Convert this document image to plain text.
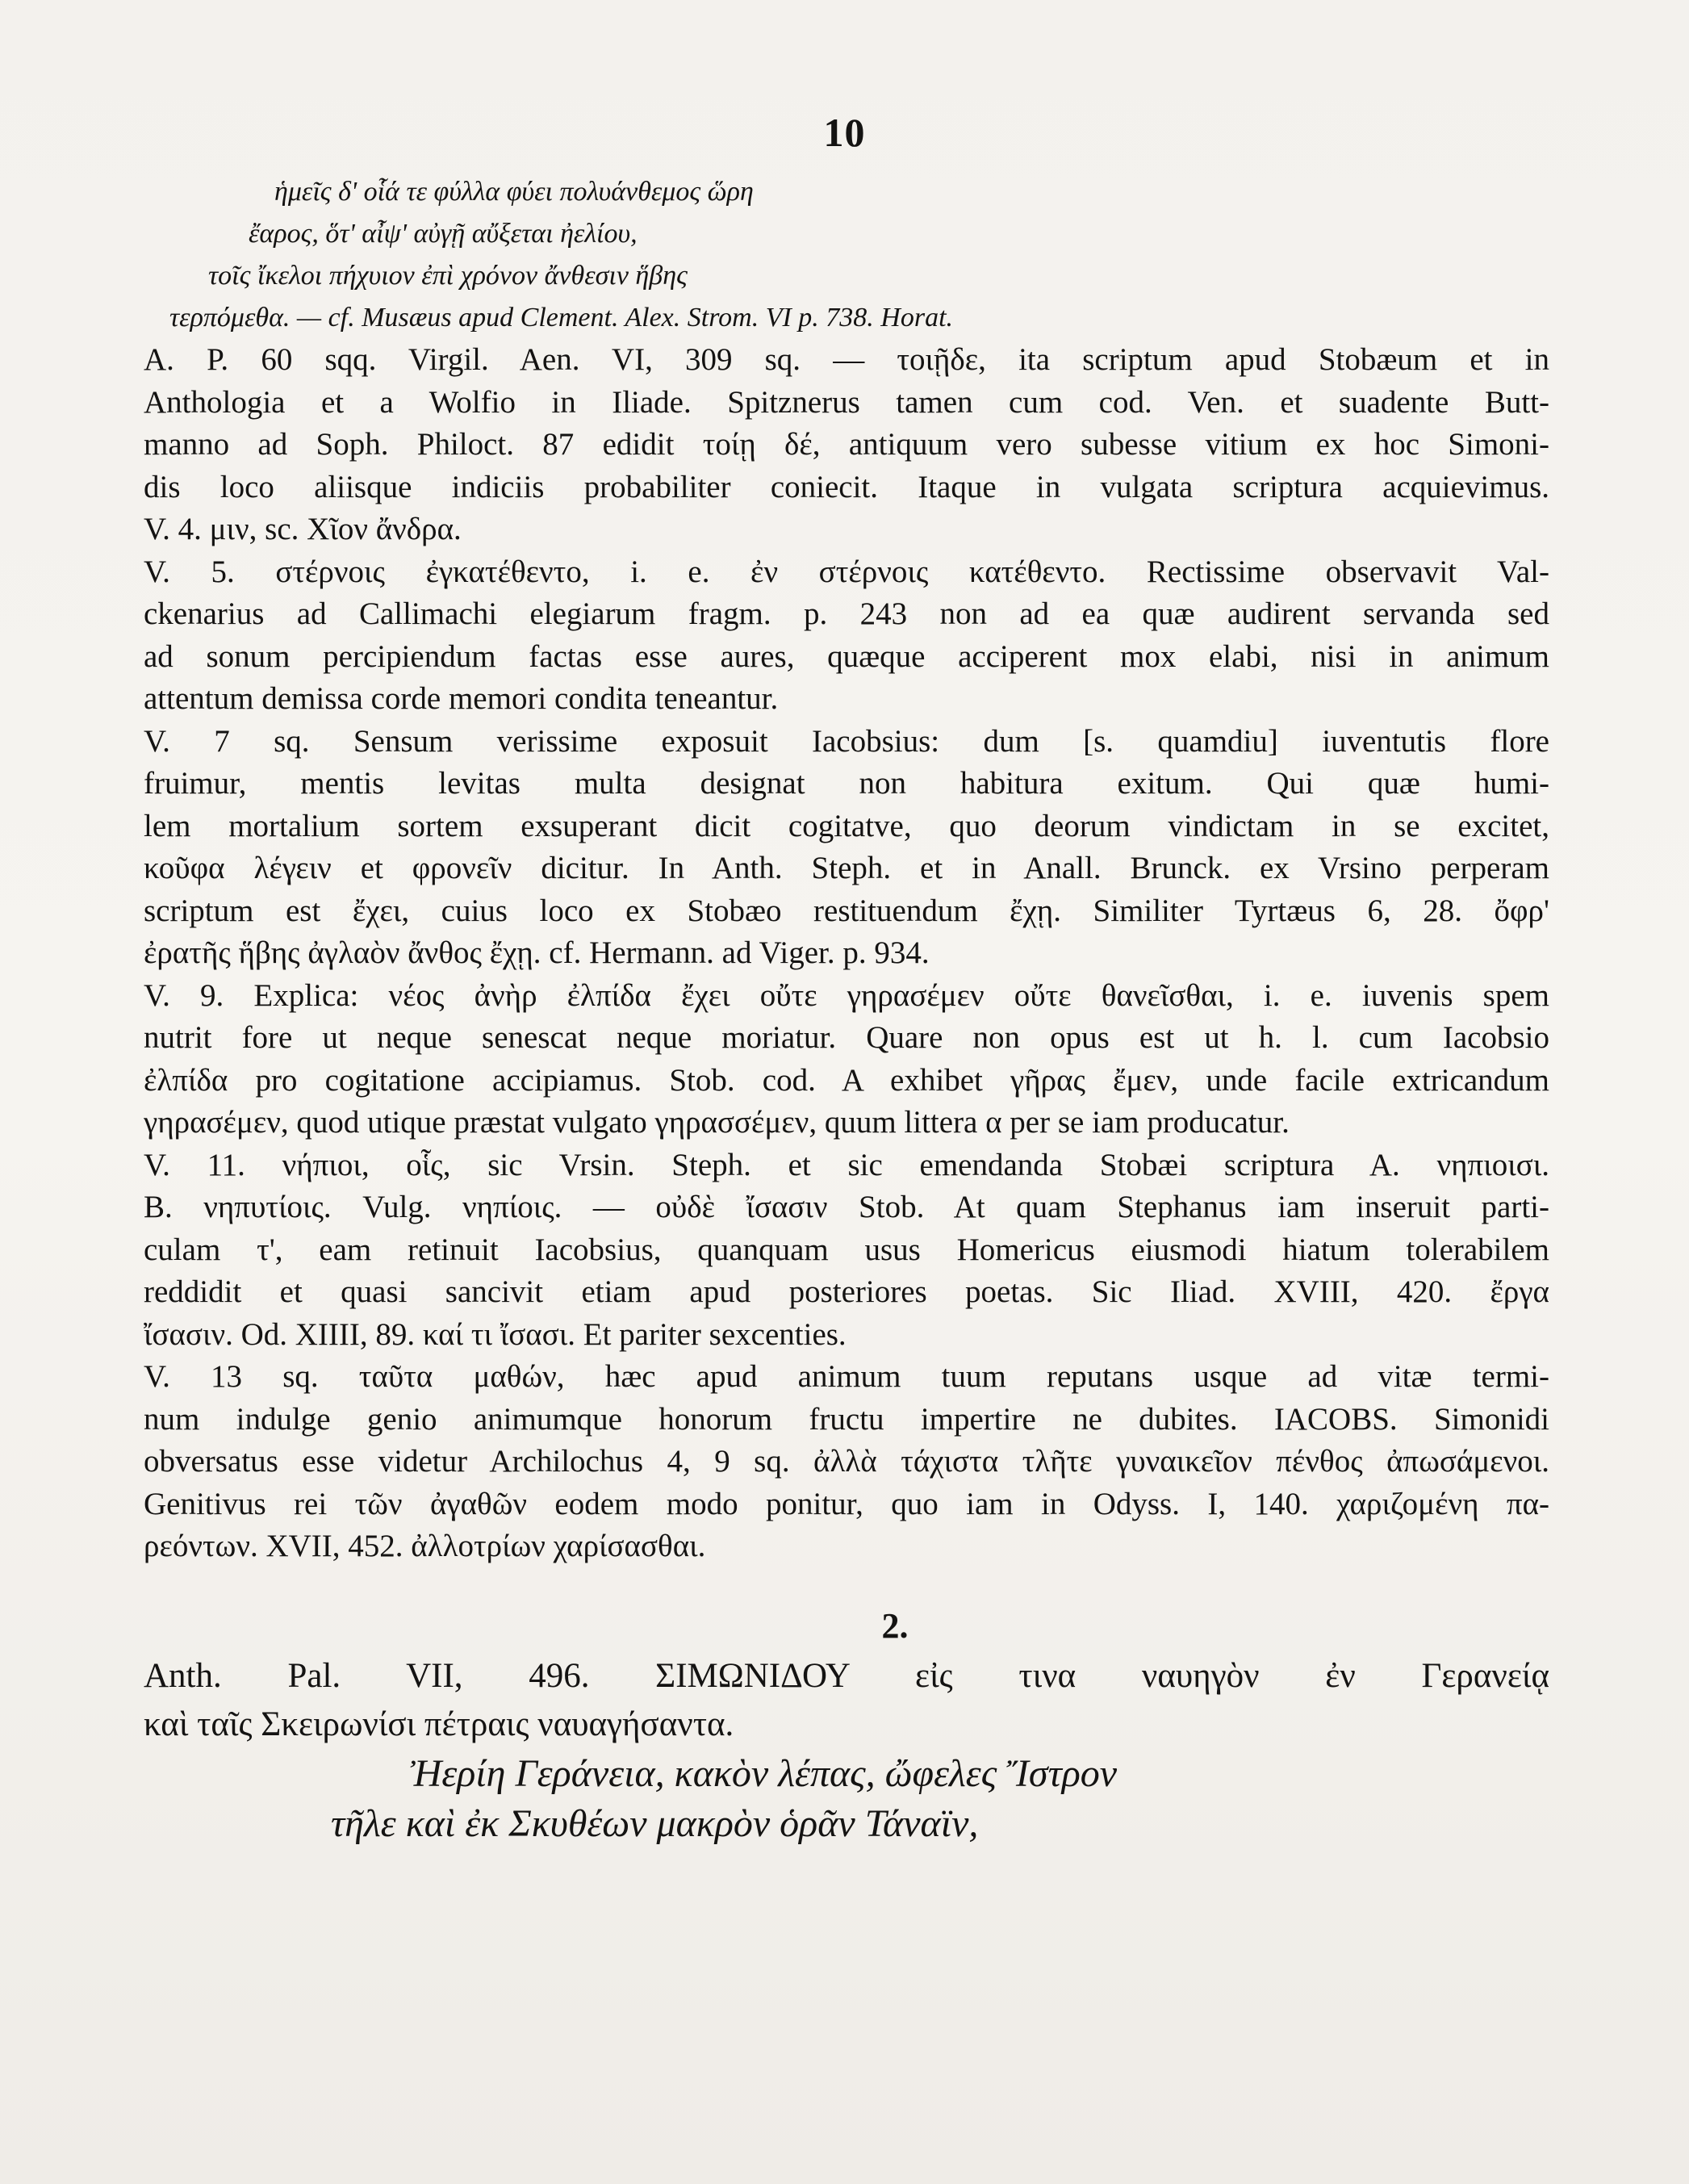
10
ἡμεῖς δ' οἷά τε φύλλα φύει πολυάνθεμος ὥρη
ἔαρος, ὅτ' αἶψ' αὐγῇ αὔξεται ἠελίου,
τοῖς ἴκελοι πήχυιον ἐπὶ χρόνον ἄνθεσιν ἥβης
τερπόμεθα. — cf. Musæus apud Clement. Alex. Strom. VI p. 738. Horat.
A. P. 60 sqq. Virgil. Aen. VI, 309 sq. — τοιῇδε, ita scriptum apud Stobæum et in
Anthologia et a Wolfio in Iliade. Spitznerus tamen cum cod. Ven. et suadente Butt-
manno ad Soph. Philoct. 87 edidit τοίῃ δέ, antiquum vero subesse vitium ex hoc Simoni-
dis loco aliisque indiciis probabiliter coniecit. Itaque in vulgata scriptura acquievimus.
V. 4. μιν, sc. Χῖον ἄνδρα.
V. 5. στέρνοις ἐγκατέθεντο, i. e. ἐν στέρνοις κατέθεντο. Rectissime observavit Val-
ckenarius ad Callimachi elegiarum fragm. p. 243 non ad ea quæ audirent servanda sed
ad sonum percipiendum factas esse aures, quæque acciperent mox elabi, nisi in animum
attentum demissa corde memori condita teneantur.
V. 7 sq. Sensum verissime exposuit Iacobsius: dum [s. quamdiu] iuventutis flore
fruimur, mentis levitas multa designat non habitura exitum. Qui quæ humi-
lem mortalium sortem exsuperant dicit cogitatve, quo deorum vindictam in se excitet,
κοῦφα λέγειν et φρονεῖν dicitur. In Anth. Steph. et in Anall. Brunck. ex Vrsino perperam
scriptum est ἔχει, cuius loco ex Stobæo restituendum ἔχῃ. Similiter Tyrtæus 6, 28. ὄφρ'
ἐρατῆς ἥβης ἀγλαὸν ἄνθος ἔχῃ. cf. Hermann. ad Viger. p. 934.
V. 9. Explica: νέος ἀνὴρ ἐλπίδα ἔχει οὔτε γηρασέμεν οὔτε θανεῖσθαι, i. e. iuvenis spem
nutrit fore ut neque senescat neque moriatur. Quare non opus est ut h. l. cum Iacobsio
ἐλπίδα pro cogitatione accipiamus. Stob. cod. A exhibet γῆρας ἔμεν, unde facile extricandum
γηρασέμεν, quod utique præstat vulgato γηρασσέμεν, quum littera α per se iam producatur.
V. 11. νήπιοι, οἷς, sic Vrsin. Steph. et sic emendanda Stobæi scriptura A. νηπιοισι.
B. νηπυτίοις. Vulg. νηπίοις. — οὐδὲ ἴσασιν Stob. At quam Stephanus iam inseruit parti-
culam τ', eam retinuit Iacobsius, quanquam usus Homericus eiusmodi hiatum tolerabilem
reddidit et quasi sancivit etiam apud posteriores poetas. Sic Iliad. XVIII, 420. ἔργα
ἴσασιν. Od. XIIII, 89. καί τι ἴσασι. Et pariter sexcenties.
V. 13 sq. ταῦτα μαθών, hæc apud animum tuum reputans usque ad vitæ termi-
num indulge genio animumque honorum fructu impertire ne dubites. IACOBS. Simonidi
obversatus esse videtur Archilochus 4, 9 sq. ἀλλὰ τάχιστα τλῆτε γυναικεῖον πένθος ἀπωσάμενοι.
Genitivus rei τῶν ἀγαθῶν eodem modo ponitur, quo iam in Odyss. I, 140. χαριζομένη πα-
ρεόντων. XVII, 452. ἀλλοτρίων χαρίσασθαι.
2.
Anth. Pal. VII, 496. ΣΙΜΩΝΙΔΟΥ εἰς τινα ναυηγὸν ἐν Γερανείᾳ
καὶ ταῖς Σκειρωνίσι πέτραις ναυαγήσαντα.
Ἠερίη Γεράνεια, κακὸν λέπας, ὤφελες Ἴστρον
τῆλε καὶ ἐκ Σκυθέων μακρὸν ὁρᾶν Τάναϊν,
